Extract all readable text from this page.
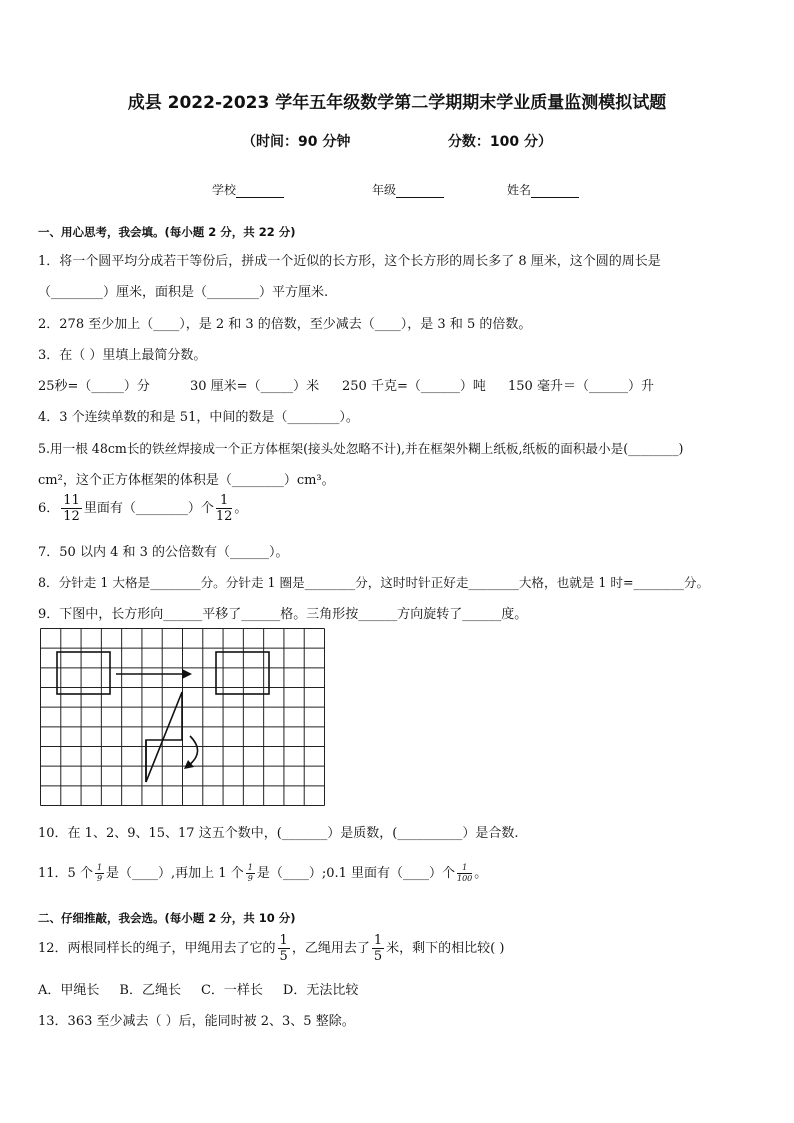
成县 2022-2023 学年五年级数学第二学期期末学业质量监测模拟试题
（时间：90 分钟                    分数：100 分）
学校	年级	姓名
一、用心思考，我会填。(每小题 2 分，共 22 分)
1．将一个圆平均分成若干等份后，拼成一个近似的长方形，这个长方形的周长多了 8 厘米，这个圆的周长是
（________）厘米，面积是（________）平方厘米.
2．278 至少加上（____），是 2 和 3 的倍数，至少减去（____），是 3 和 5 的倍数。
3．在（ ）里填上最简分数。
25秒=（_____）分	30 厘米=（_____）米 250 千克=（______）吨 150 毫升＝（______）升
4．3 个连续单数的和是 51，中间的数是（________）。
5.用一根 48cm长的铁丝焊接成一个正方体框架(接头处忽略不计),并在框架外糊上纸板,纸板的面积最小是(________)
cm²，这个正方体框架的体积是（________）cm³。
6． $\frac{11}{12}$ 里面有（________）个 $\frac{1}{12}$ 。
7．50 以内 4 和 3 的公倍数有（______）。
8．分针走 1 大格是________分。分针走 1 圈是________分，这时时针正好走________大格，也就是 1 时=________分。
9．下图中，长方形向______平移了______格。三角形按______方向旋转了______度。
10．在 1、2、9、15、17 这五个数中，(_______）是质数，(__________）是合数.
11．5 个 $\frac{1}{9}$ 是（____）,再加上 1 个 $\frac{1}{9}$ 是（____）;0.1 里面有（____）个 $\frac{1}{100}$ 。
二、仔细推敲，我会选。(每小题 2 分，共 10 分)
12．两根同样长的绳子，甲绳用去了它的 $\frac{1}{5}$ ，乙绳用去了 $\frac{1}{5}$ 米，剩下的相比较( )
A．甲绳长 B．乙绳长 C．一样长 D．无法比较
13．363 至少减去（ ）后，能同时被 2、3、5 整除。
